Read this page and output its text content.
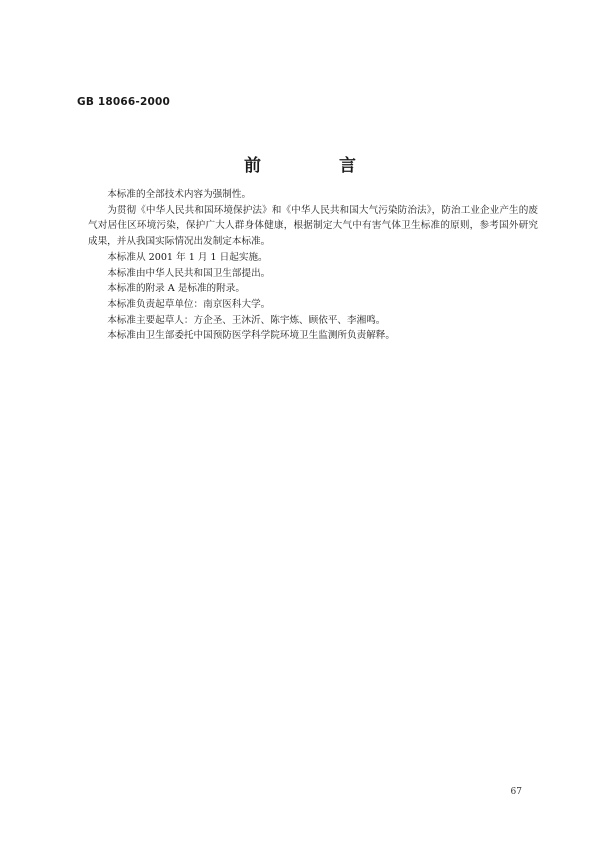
GB 18066-2000
前 言

本标准的全部技术内容为强制性。

为贯彻《中华人民共和国环境保护法》和《中华人民共和国大气污染防治法》，防治工业企业产生的废气对居住区环境污染，保护广大人群身体健康，根据制定大气中有害气体卫生标准的原则，参考国外研究成果，并从我国实际情况出发制定本标准。

本标准从 2001 年 1 月 1 日起实施。

本标准由中华人民共和国卫生部提出。

本标准的附录 A 是标准的附录。

本标准负责起草单位：南京医科大学。

本标准主要起草人：方企圣、王沐沂、陈宇炼、顾依平、李湘鸣。

本标准由卫生部委托中国预防医学科学院环境卫生监测所负责解释。

67
